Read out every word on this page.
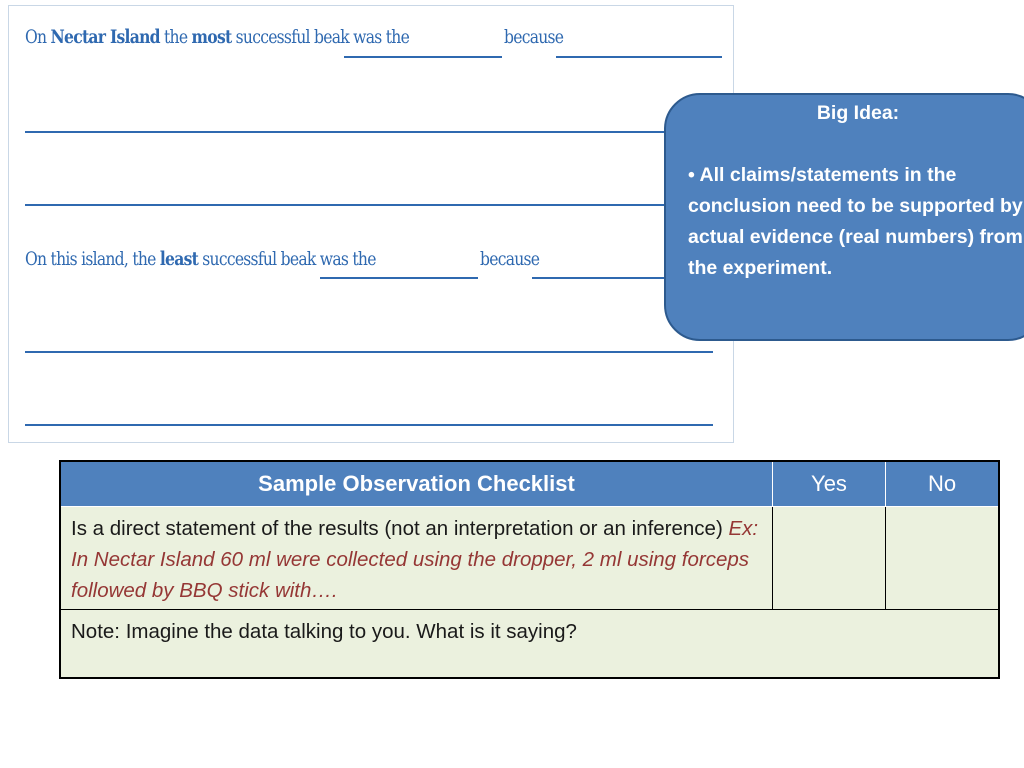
On Nectar Island the most successful beak was the	because
On this island, the least successful beak was the	because
Big Idea:
• All claims/statements in the conclusion need to be supported by actual evidence (real numbers) from the experiment.
Sample Observation Checklist	Yes	No
Is a direct statement of the results (not an interpretation or an inference) Ex: In Nectar Island 60 ml were collected using the dropper, 2 ml using forceps followed by BBQ stick with….
Note: Imagine the data talking to you. What is it saying?
